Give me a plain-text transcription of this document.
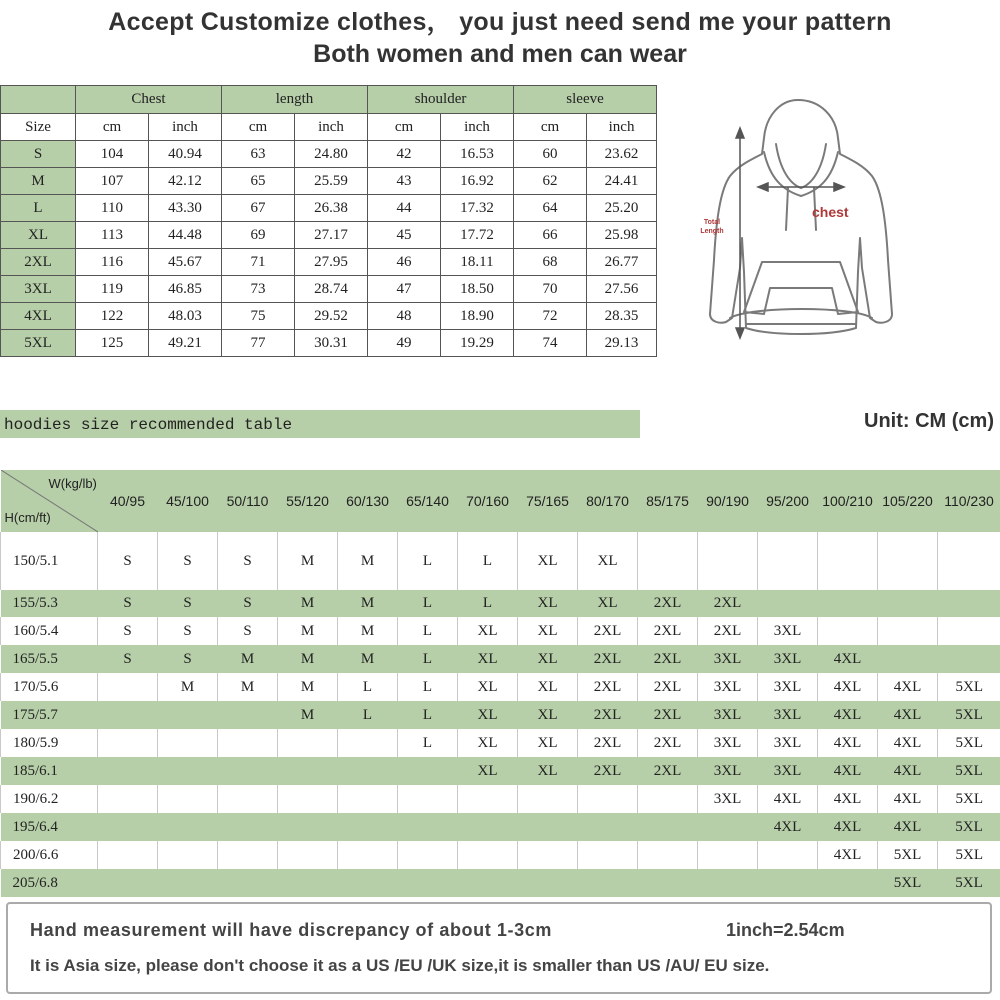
Accept Customize clothes， you just need send me your pattern
Both women and men can wear
	Chest		length		shoulder		sleeve	
Size	cm	inch	cm	inch	cm	inch	cm	inch
S	104	40.94	63	24.80	42	16.53	60	23.62
M	107	42.12	65	25.59	43	16.92	62	24.41
L	110	43.30	67	26.38	44	17.32	64	25.20
XL	113	44.48	69	27.17	45	17.72	66	25.98
2XL	116	45.67	71	27.95	46	18.11	68	26.77
3XL	119	46.85	73	28.74	47	18.50	70	27.56
4XL	122	48.03	75	29.52	48	18.90	72	28.35
5XL	125	49.21	77	30.31	49	19.29	74	29.13
chest
Total Length
hoodies size recommended table	Unit: CM (cm)
W(kg/lb)
H(cm/ft)	40/95	45/100	50/110	55/120	60/130	65/140	70/160	75/165	80/170	85/175	90/190	95/200	100/210	105/220	110/230
150/5.1	S	S	S	M	M	L	L	XL	XL						
155/5.3	S	S	S	M	M	L	L	XL	XL	2XL	2XL				
160/5.4	S	S	S	M	M	L	XL	XL	2XL	2XL	2XL	3XL			
165/5.5	S	S	M	M	M	L	XL	XL	2XL	2XL	3XL	3XL	4XL		
170/5.6		M	M	M	L	L	XL	XL	2XL	2XL	3XL	3XL	4XL	4XL	5XL
175/5.7				M	L	L	XL	XL	2XL	2XL	3XL	3XL	4XL	4XL	5XL
180/5.9						L	XL	XL	2XL	2XL	3XL	3XL	4XL	4XL	5XL
185/6.1							XL	XL	2XL	2XL	3XL	3XL	4XL	4XL	5XL
190/6.2											3XL	4XL	4XL	4XL	5XL
195/6.4												4XL	4XL	4XL	5XL
200/6.6													4XL	5XL	5XL
205/6.8														5XL	5XL
Hand measurement will have discrepancy of about 1-3cm	1inch=2.54cm
It is Asia size, please don't choose it as a US /EU /UK size,it is smaller than US /AU/ EU size.
